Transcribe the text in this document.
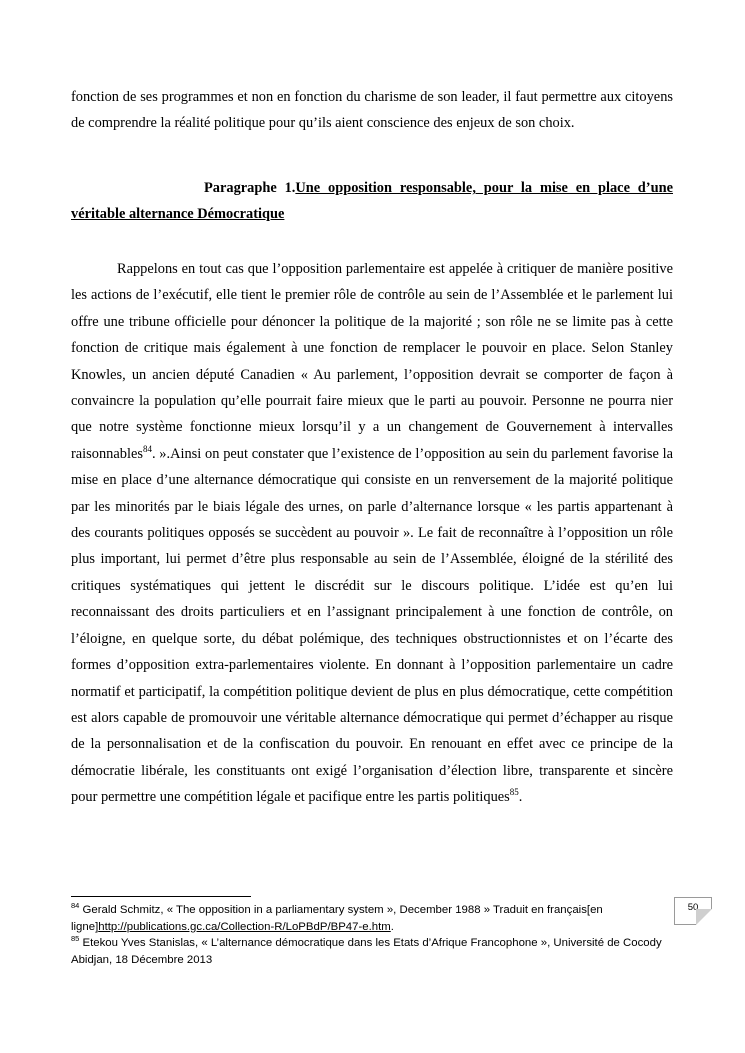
fonction de ses programmes et non en fonction du charisme de son leader, il faut permettre aux citoyens de comprendre la réalité politique pour qu’ils aient conscience des enjeux de son choix.

Paragraphe 1.Une opposition responsable, pour la mise en place d’une véritable alternance Démocratique

Rappelons en tout cas que l’opposition parlementaire est appelée à critiquer de manière positive les actions de l’exécutif, elle tient le premier rôle de contrôle au sein de l’Assemblée et le parlement lui offre une tribune officielle pour dénoncer la politique de la majorité ; son rôle ne se limite pas à cette fonction de critique mais également à une fonction de remplacer le pouvoir en place. Selon Stanley Knowles, un ancien député Canadien « Au parlement, l’opposition devrait se comporter de façon à convaincre la population qu’elle pourrait faire mieux que le parti au pouvoir. Personne ne pourra nier que notre système fonctionne mieux lorsqu’il y a un changement de Gouvernement à intervalles raisonnables$^{84}$. ».Ainsi on peut constater que l’existence de l’opposition au sein du parlement favorise la mise en place d’une alternance démocratique qui consiste en un renversement de la majorité politique par les minorités par le biais légale des urnes, on parle d’alternance lorsque « les partis appartenant à des courants politiques opposés se succèdent au pouvoir ». Le fait de reconnaître à l’opposition un rôle plus important, lui permet d’être plus responsable au sein de l’Assemblée, éloigné de la stérilité des critiques systématiques qui jettent le discrédit sur le discours politique. L’idée est qu’en lui reconnaissant des droits particuliers et en l’assignant principalement à une fonction de contrôle, on l’éloigne, en quelque sorte, du débat polémique, des techniques obstructionnistes et on l’écarte des formes d’opposition extra-parlementaires violente. En donnant à l’opposition parlementaire un cadre normatif et participatif, la compétition politique devient de plus en plus démocratique, cette compétition est alors capable de promouvoir une véritable alternance démocratique qui permet d’échapper au risque de la personnalisation et de la confiscation du pouvoir. En renouant en effet avec ce principe de la démocratie libérale, les constituants ont exigé l’organisation d’élection libre, transparente et sincère pour permettre une compétition légale et pacifique entre les partis politiques$^{85}$.

$^{84}$ Gerald Schmitz, « The opposition in a parliamentary system », December 1988 » Traduit en français[en ligne]http://publications.gc.ca/Collection-R/LoPBdP/BP47-e.htm.

$^{85}$ Etekou Yves Stanislas, « L’alternance démocratique dans les Etats d’Afrique Francophone », Université de Cocody Abidjan, 18 Décembre 2013

50
